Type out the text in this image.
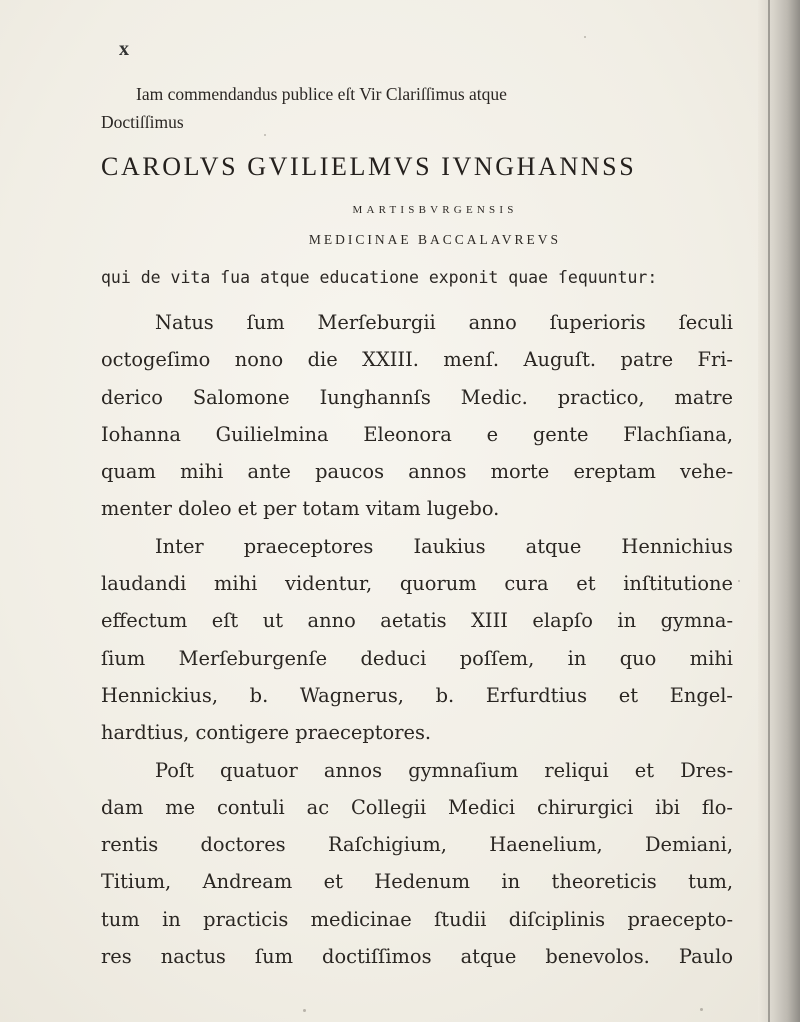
x
Iam commendandus publice eſt Vir Clariſſimus atque
Doctiſſimus
CAROLVS GVILIELMVS IVNGHANNSS
MARTISBVRGENSIS
MEDICINAE BACCALAVREVS
qui de vita ſua atque educatione exponit quae ſequuntur:
Natus ſum Merſeburgii anno ſuperioris ſeculi
octogeſimo nono die XXIII. menſ. Auguſt. patre Fri-
derico Salomone Iunghannſs Medic. practico, matre
Iohanna Guilielmina Eleonora e gente Flachſiana,
quam mihi ante paucos annos morte ereptam vehe-
menter doleo et per totam vitam lugebo.
Inter praeceptores Iaukius atque Hennichius
laudandi mihi videntur, quorum cura et inſtitutione
effectum eſt ut anno aetatis XIII elapſo in gymna-
ſium Merſeburgenſe deduci poſſem, in quo mihi
Hennickius, b. Wagnerus, b. Erfurdtius et Engel-
hardtius, contigere praeceptores.
Poſt quatuor annos gymnaſium reliqui et Dres-
dam me contuli ac Collegii Medici chirurgici ibi flo-
rentis doctores Raſchigium, Haenelium, Demiani,
Titium, Andream et Hedenum in theoreticis tum,
tum in practicis medicinae ſtudii diſciplinis praecepto-
res nactus ſum doctiſſimos atque benevolos. Paulo
